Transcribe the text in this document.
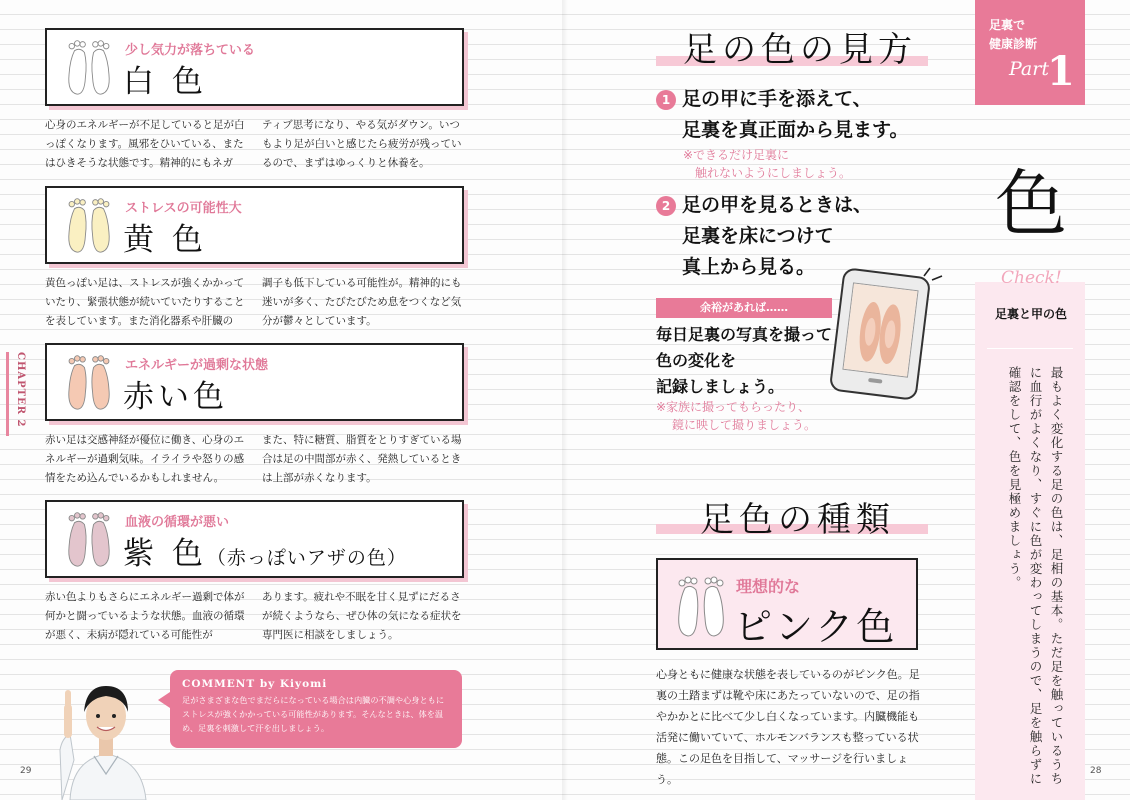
少し気力が落ちている
白 色
心身のエネルギーが不足していると足が白っぽくなります。風邪をひいている、またはひきそうな状態です。精神的にもネガ
ティブ思考になり、やる気がダウン。いつもより足が白いと感じたら疲労が残っているので、まずはゆっくりと休養を。
ストレスの可能性大
黄 色
黄色っぽい足は、ストレスが強くかかっていたり、緊張状態が続いていたりすることを表しています。また消化器系や肝臓の
調子も低下している可能性が。精神的にも迷いが多く、たびたびため息をつくなど気分が鬱々としています。
エネルギーが過剰な状態
赤い色
赤い足は交感神経が優位に働き、心身のエネルギーが過剰気味。イライラや怒りの感情をため込んでいるかもしれません。
また、特に糖質、脂質をとりすぎている場合は足の中間部が赤く、発熱しているときは上部が赤くなります。
血液の循環が悪い
紫 色（赤っぽいアザの色）
赤い色よりもさらにエネルギー過剰で体が何かと闘っているような状態。血液の循環が悪く、未病が隠れている可能性が
あります。疲れや不眠を甘く見ずにだるさが続くようなら、ぜひ体の気になる症状を専門医に相談をしましょう。
CHAPTER 2
COMMENT by Kiyomi
足がさまざまな色でまだらになっている場合は内臓の不調や心身ともにストレスが強くかかっている可能性があります。そんなときは、体を温め、足裏を刺激して汗を出しましょう。
29
足の色の見方
1 足の甲に手を添えて、
足裏を真正面から見ます。
※できるだけ足裏に
触れないようにしましょう。
2 足の甲を見るときは、
足裏を床につけて
真上から見る。
余裕があれば……
毎日足裏の写真を撮って
色の変化を
記録しましょう。
※家族に撮ってもらったり、
鏡に映して撮りましょう。
足色の種類
理想的な
ピンク色
心身ともに健康な状態を表しているのがピンク色。足裏の土踏まずは靴や床にあたっていないので、足の指やかかとに比べて少し白くなっています。内臓機能も活発に働いていて、ホルモンバランスも整っている状態。この足色を目指して、マッサージを行いましょう。
28
足裏で
健康診断
Part
1
色
Check!
足裏と甲の色
最もよく変化する足の色は、足相の基本。ただ足を触っているうちに血行がよくなり、すぐに色が変わってしまうので、足を触らずに確認をして、色を見極めましょう。
